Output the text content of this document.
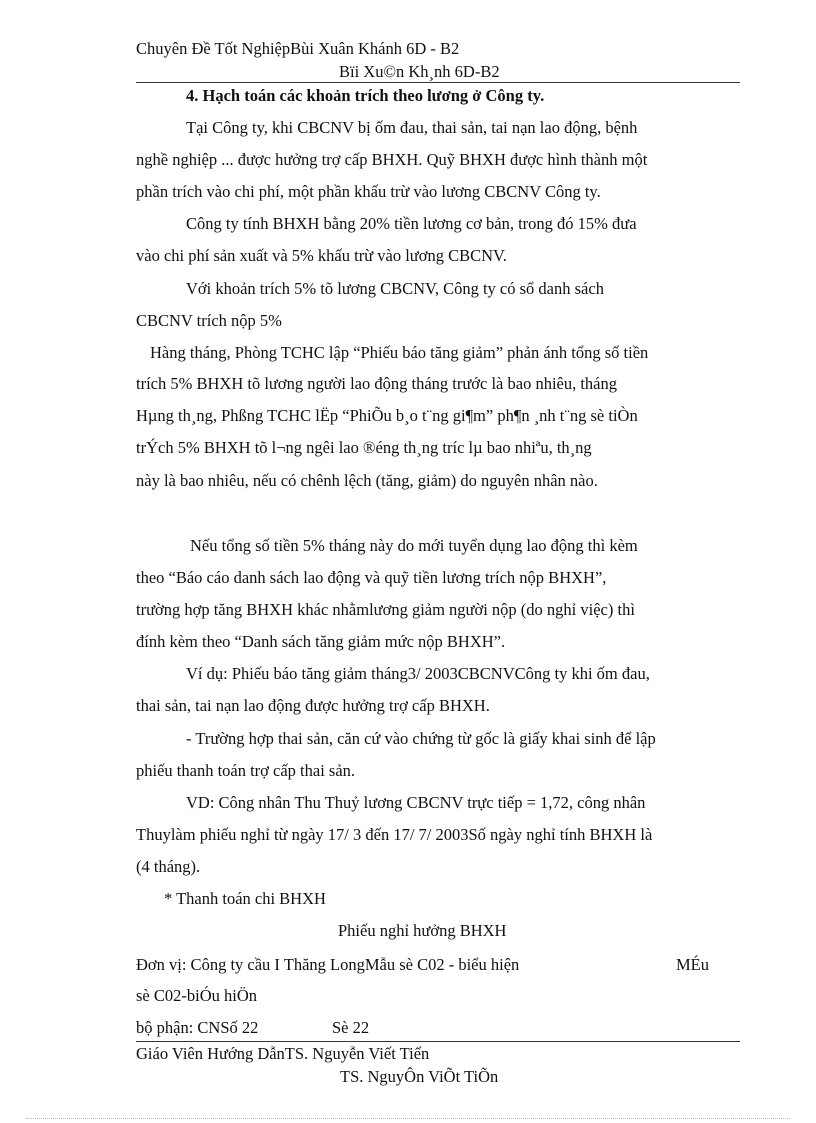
Chuyên Đề Tốt NghiệpBùi Xuân Khánh 6D - B2
Bïi Xu©n Kh¸nh 6D-B2
4. Hạch toán các khoản trích theo lương ở Công ty.
Tại Công ty, khi CBCNV bị ốm đau, thai sản, tai nạn lao động, bệnh
nghề nghiệp ... được hưởng trợ cấp BHXH. Quỹ BHXH được hình thành một
phần trích vào chi phí, một phần khấu trừ vào lương CBCNV Công ty.
Công ty tính BHXH bằng 20% tiền lương cơ bản, trong đó 15% đưa
vào chi phí sản xuất và 5% khấu trừ vào lương CBCNV.
Với khoản trích 5% tõ lương CBCNV, Công ty có sổ danh sách
CBCNV trích nộp 5%
Hàng tháng, Phòng TCHC lập “Phiếu báo tăng giảm” phản ánh tổng số tiền
trích 5% BHXH tõ lương người lao động tháng trước là bao nhiêu, tháng
Hµng th¸ng, Phßng TCHC lËp “PhiÕu b¸o t¨ng gi¶m” ph¶n ¸nh t¨ng sè tiÒn
trÝch 5% BHXH tõ l¬ng ngêi lao ®éng th¸ng tríc lµ bao nhiªu, th¸ng
này là bao nhiêu, nếu có chênh lệch (tăng, giảm) do nguyên nhân nào.
Nếu tổng số tiền 5% tháng này do mới tuyển dụng lao động thì kèm
theo “Báo cáo danh sách lao động và quỹ tiền lương trích nộp BHXH”,
trường hợp tăng BHXH khác nhằmlương giảm người nộp (do nghỉ việc) thì
đính kèm theo “Danh sách tăng giảm mức nộp BHXH”.
Ví dụ: Phiếu báo tăng giảm tháng3/ 2003CBCNVCông ty khi ốm đau,
thai sản, tai nạn lao động được hưởng trợ cấp BHXH.
- Trường hợp thai sản, căn cứ vào chứng từ gốc là giấy khai sinh để lập
phiếu thanh toán trợ cấp thai sản.
VD: Công nhân Thu Thuỷ lương CBCNV trực tiếp = 1,72, công nhân
Thuylàm phiếu nghỉ từ ngày 17/ 3 đến 17/ 7/ 2003Số ngày nghỉ tính BHXH là
(4 tháng).
* Thanh toán chi BHXH
Phiếu nghỉ hưởng BHXH
Đơn vị: Công ty cầu I Thăng LongMẫu sè C02 - biểu hiện	MÉu
sè C02-biÓu hiÖn
bộ phận: CNSố 22	Sè 22
Giáo Viên Hướng DẫnTS. Nguyễn Viết Tiến
TS. NguyÔn ViÕt TiÕn
